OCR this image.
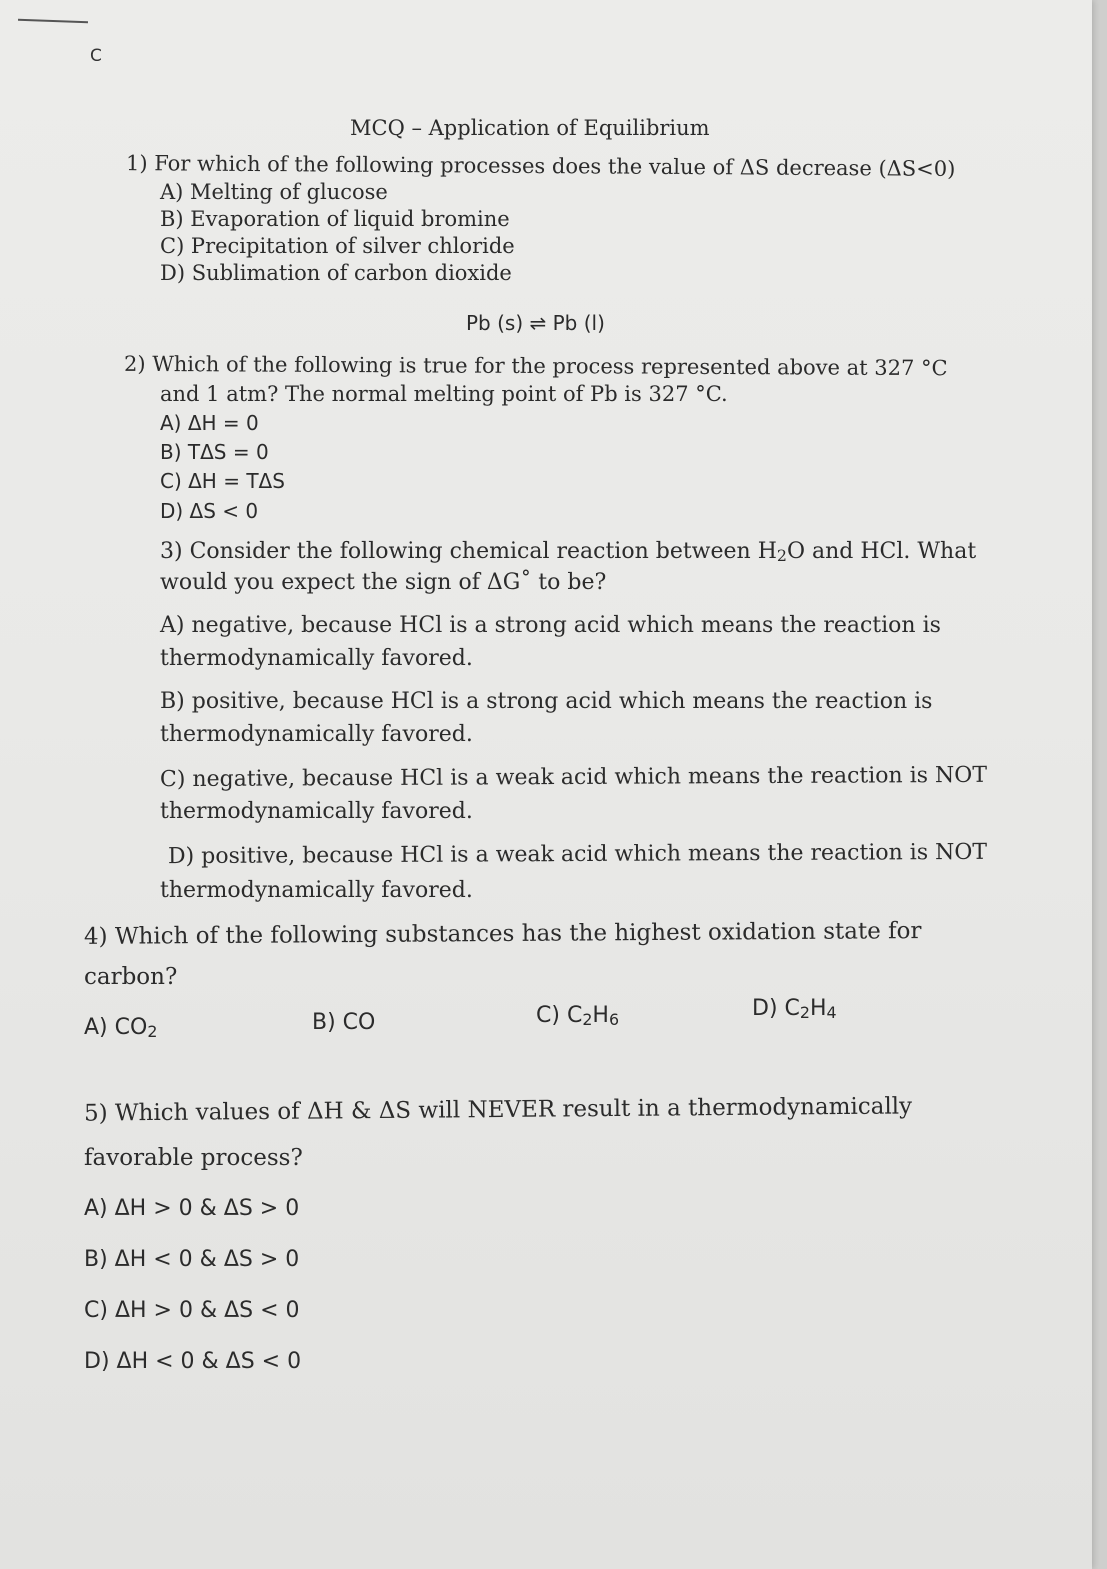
C
MCQ – Application of Equilibrium
1) For which of the following processes does the value of ΔS decrease (ΔS<0)
A) Melting of glucose
B) Evaporation of liquid bromine
C) Precipitation of silver chloride
D) Sublimation of carbon dioxide
Pb (s) ⇌ Pb (l)
2) Which of the following is true for the process represented above at 327 °C
and 1 atm? The normal melting point of Pb is 327 °C.
A) ΔH = 0
B) TΔS = 0
C) ΔH = TΔS
D) ΔS < 0
3) Consider the following chemical reaction between $H_2O$ and HCl. What
would you expect the sign of ΔG˚ to be?
A) negative, because HCl is a strong acid which means the reaction is
thermodynamically favored.
B) positive, because HCl is a strong acid which means the reaction is
thermodynamically favored.
C) negative, because HCl is a weak acid which means the reaction is NOT
thermodynamically favored.
D) positive, because HCl is a weak acid which means the reaction is NOT
thermodynamically favored.
4) Which of the following substances has the highest oxidation state for
carbon?
A) $CO_2$	B) CO	C) $C_2H_6$	D) $C_2H_4$
5) Which values of ΔH & ΔS will NEVER result in a thermodynamically
favorable process?
A) ΔH > 0 & ΔS > 0
B) ΔH < 0 & ΔS > 0
C) ΔH > 0 & ΔS < 0
D) ΔH < 0 & ΔS < 0
